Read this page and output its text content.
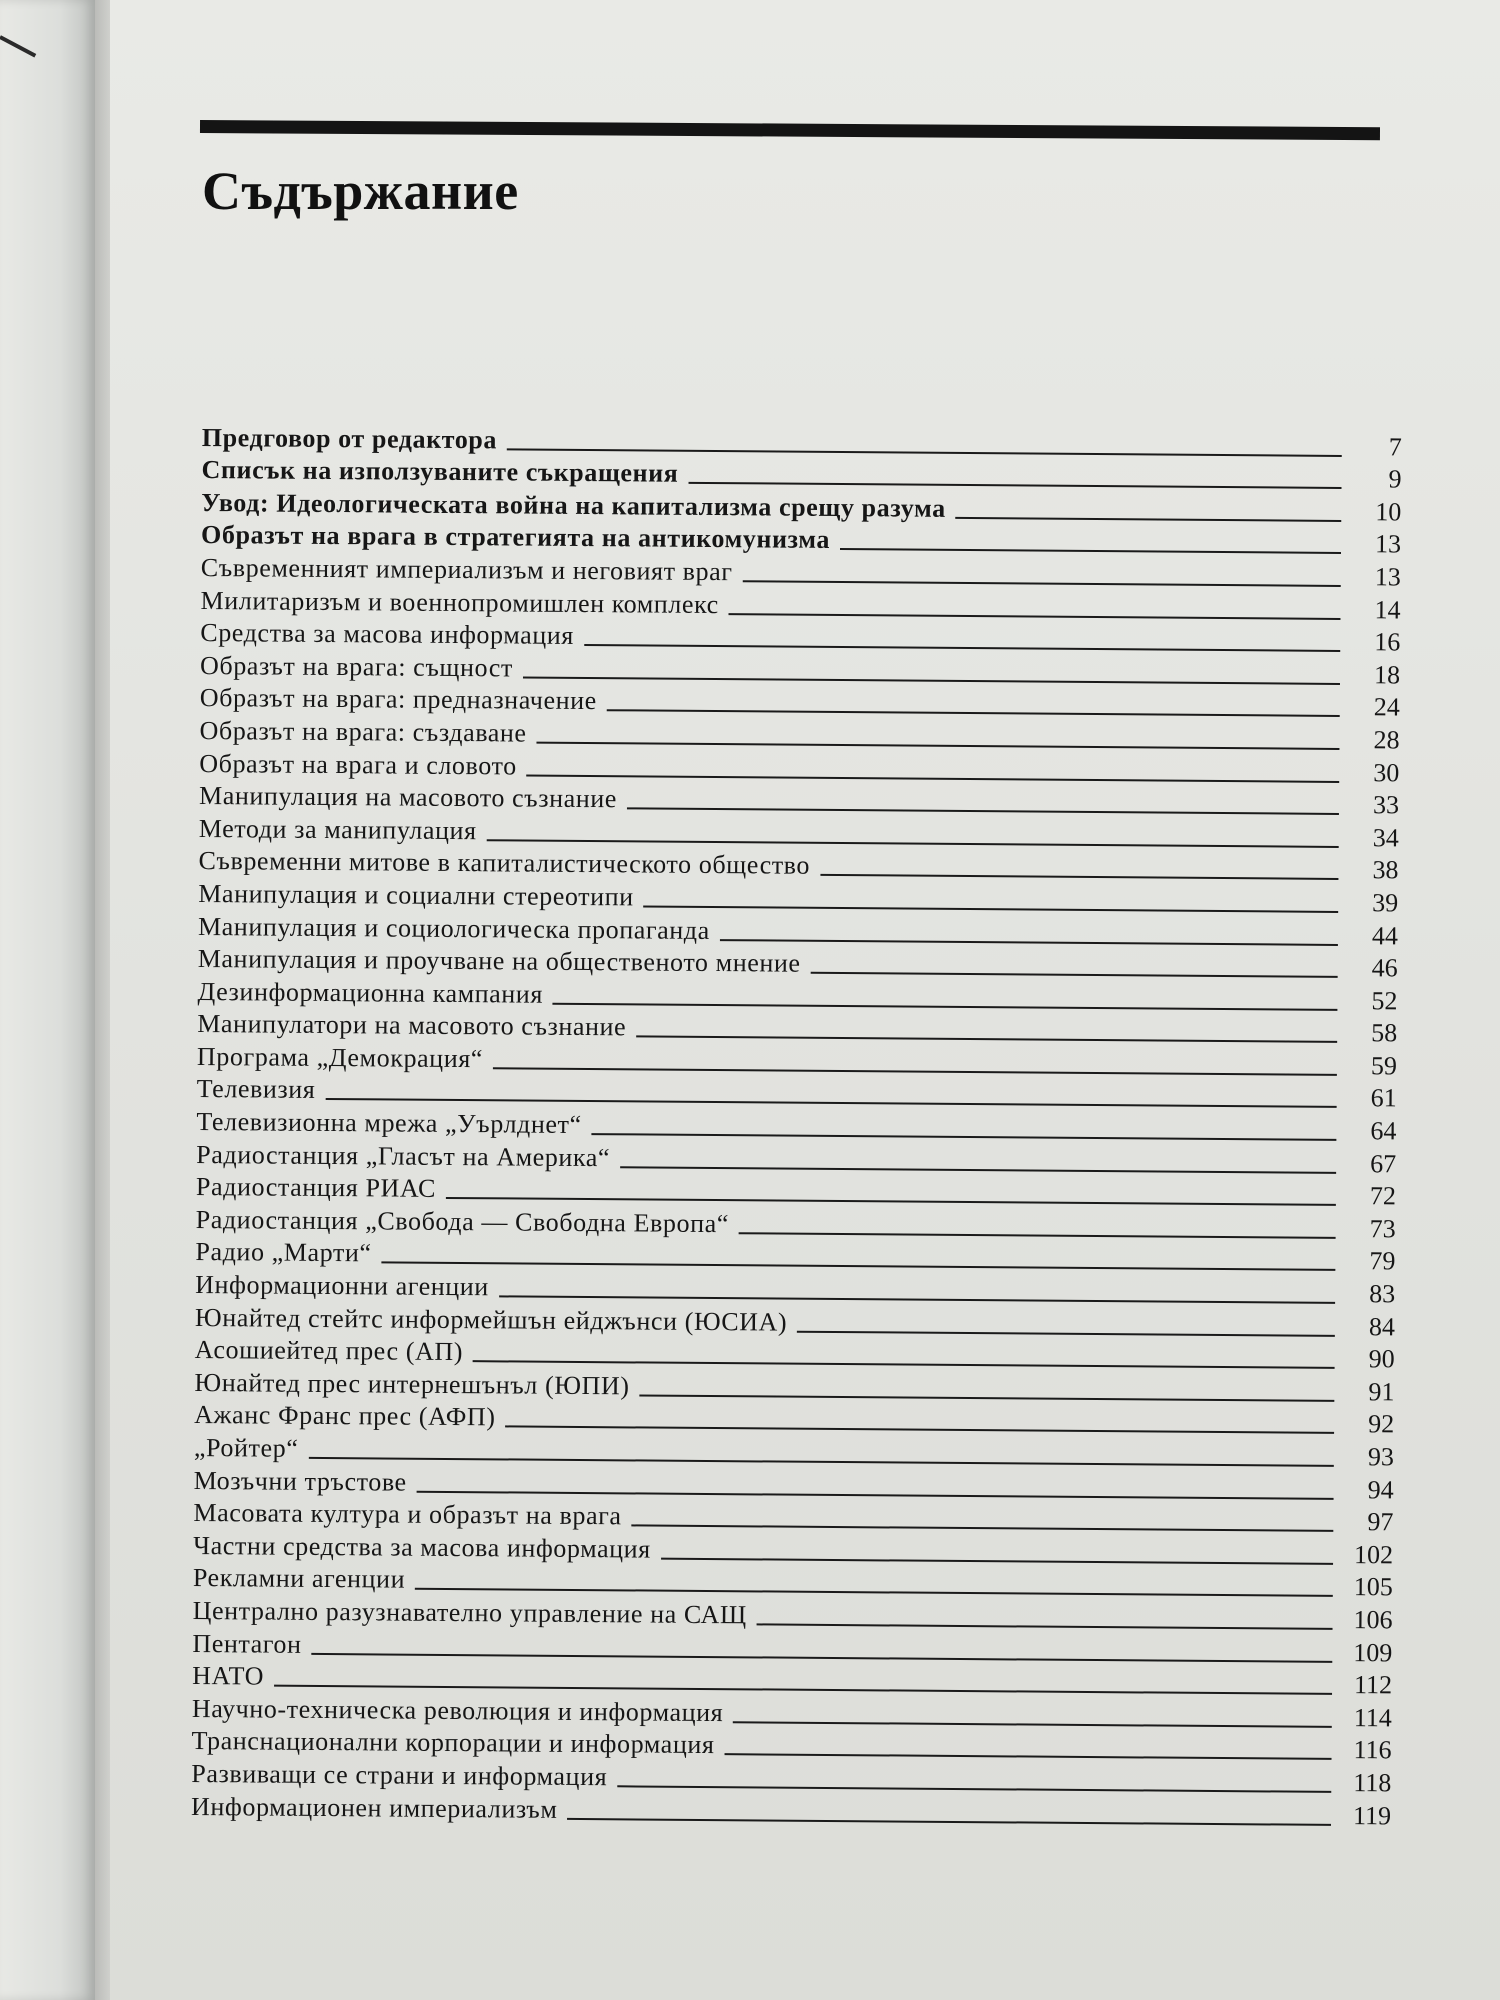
Съдържание
Предговор от редактора	7
Списък на използуваните съкращения	9
Увод: Идеологическата война на капитализма срещу разума	10
Образът на врага в стратегията на антикомунизма	13
Съвременният империализъм и неговият враг	13
Милитаризъм и военнопромишлен комплекс	14
Средства за масова информация	16
Образът на врага: същност	18
Образът на врага: предназначение	24
Образът на врага: създаване	28
Образът на врага и словото	30
Манипулация на масовото съзнание	33
Методи за манипулация	34
Съвременни митове в капиталистическото общество	38
Манипулация и социални стереотипи	39
Манипулация и социологическа пропаганда	44
Манипулация и проучване на общественото мнение	46
Дезинформационна кампания	52
Манипулатори на масовото съзнание	58
Програма „Демокрация“	59
Телевизия	61
Телевизионна мрежа „Уърлднет“	64
Радиостанция „Гласът на Америка“	67
Радиостанция РИАС	72
Радиостанция „Свобода — Свободна Европа“	73
Радио „Марти“	79
Информационни агенции	83
Юнайтед стейтс информейшън ейджънси (ЮСИА)	84
Асошиейтед прес (АП)	90
Юнайтед прес интернешънъл (ЮПИ)	91
Ажанс Франс прес (АФП)	92
„Ройтер“	93
Мозъчни тръстове	94
Масовата култура и образът на врага	97
Частни средства за масова информация	102
Рекламни агенции	105
Централно разузнавателно управление на САЩ	106
Пентагон	109
НАТО	112
Научно-техническа революция и информация	114
Транснационални корпорации и информация	116
Развиващи се страни и информация	118
Информационен империализъм	119
